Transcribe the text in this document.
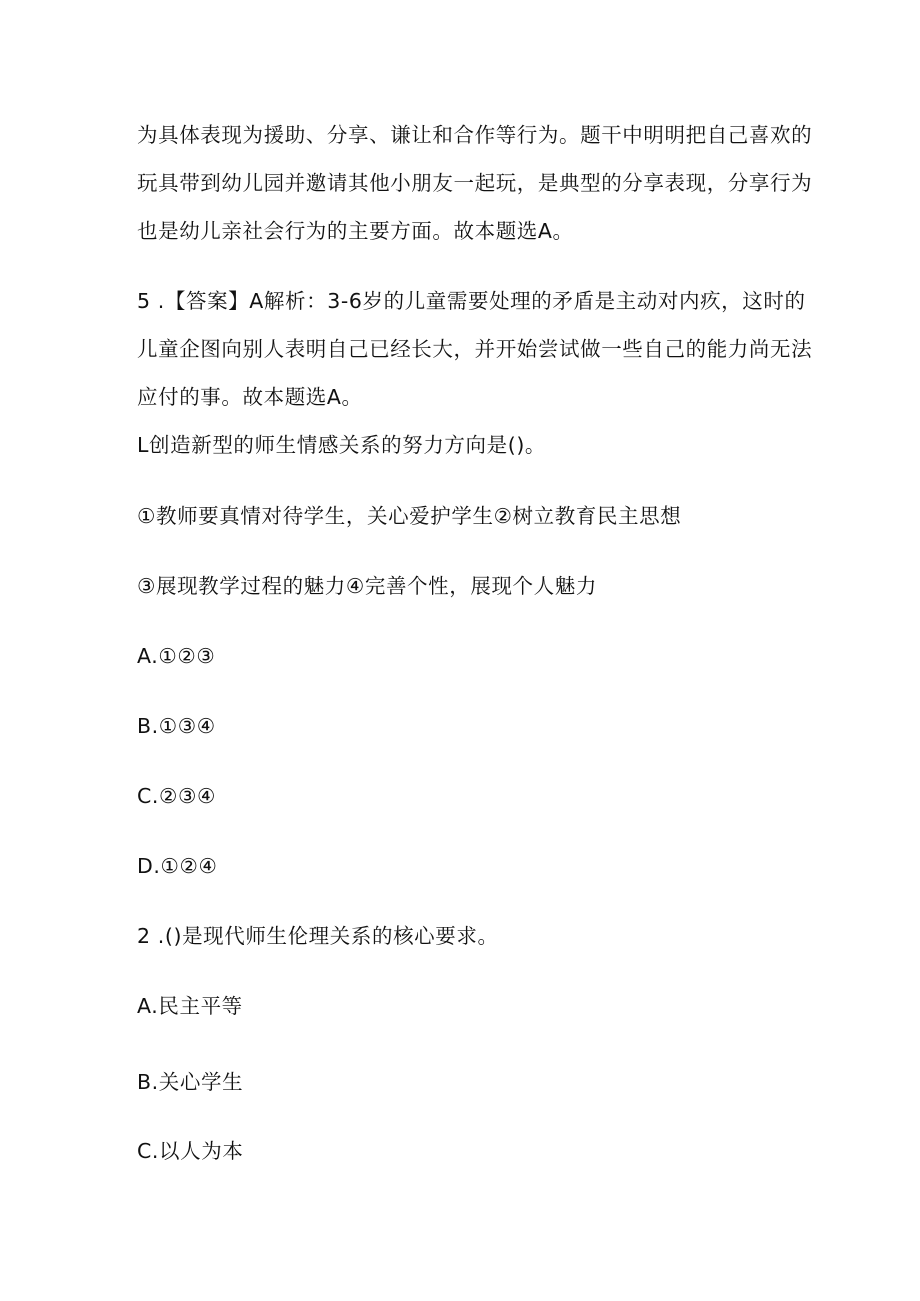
为具体表现为援助、分享、谦让和合作等行为。题干中明明把自己喜欢的
玩具带到幼儿园并邀请其他小朋友一起玩，是典型的分享表现，分享行为
也是幼儿亲社会行为的主要方面。故本题选A。
5 .【答案】A解析：3-6岁的儿童需要处理的矛盾是主动对内疚，这时的
儿童企图向别人表明自己已经长大，并开始尝试做一些自己的能力尚无法
应付的事。故本题选A。
L创造新型的师生情感关系的努力方向是()。
①教师要真情对待学生，关心爱护学生②树立教育民主思想
③展现教学过程的魅力④完善个性，展现个人魅力
A.①②③
B.①③④
C.②③④
D.①②④
2 .()是现代师生伦理关系的核心要求。
A.民主平等
B.关心学生
C.以人为本
